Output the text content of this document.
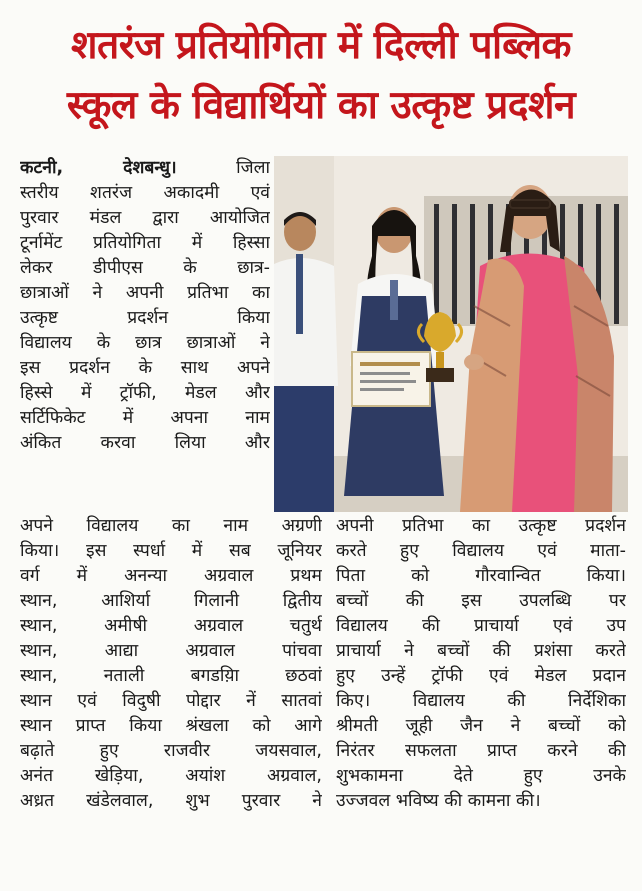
शतरंज प्रतियोगिता में दिल्ली पब्लिक
स्कूल के विद्यार्थियों का उत्कृष्ट प्रदर्शन
कटनी, देशबन्धु। जिला
स्तरीय शतरंज अकादमी एवं
पुरवार मंडल द्वारा आयोजित
टूर्नामेंट प्रतियोगिता में हिस्सा
लेकर डीपीएस के छात्र-
छात्राओं ने अपनी प्रतिभा का
उत्कृष्ट प्रदर्शन किया
विद्यालय के छात्र छात्राओं ने
इस प्रदर्शन के साथ अपने
हिस्से में ट्रॉफी, मेडल और
सर्टिफिकेट में अपना नाम
अंकित करवा लिया और
अपने विद्यालय का नाम अग्रणी
किया। इस स्पर्धा में सब जूनियर
वर्ग में अनन्या अग्रवाल प्रथम
स्थान, आशिर्या गिलानी द्वितीय
स्थान, अमीषी अग्रवाल चतुर्थ
स्थान, आद्या अग्रवाल पांचवा
स्थान, नताली बगडय़िा छठवां
स्थान एवं विदुषी पोद्दार नें सातवां
स्थान प्राप्त किया श्रंखला को आगे
बढ़ाते हुए राजवीर जयसवाल,
अनंत खेड़िया, अयांश अग्रवाल,
अध्रत खंडेलवाल, शुभ पुरवार ने
अपनी प्रतिभा का उत्कृष्ट प्रदर्शन
करते हुए विद्यालय एवं माता-
पिता को गौरवान्वित किया।
बच्चों की इस उपलब्धि पर
विद्यालय की प्राचार्या एवं उप
प्राचार्या ने बच्चों की प्रशंसा करते
हुए उन्हें ट्रॉफी एवं मेडल प्रदान
किए। विद्यालय की निर्देशिका
श्रीमती जूही जैन ने बच्चों को
निरंतर सफलता प्राप्त करने की
शुभकामना देते हुए उनके
उज्जवल भविष्य की कामना की।
